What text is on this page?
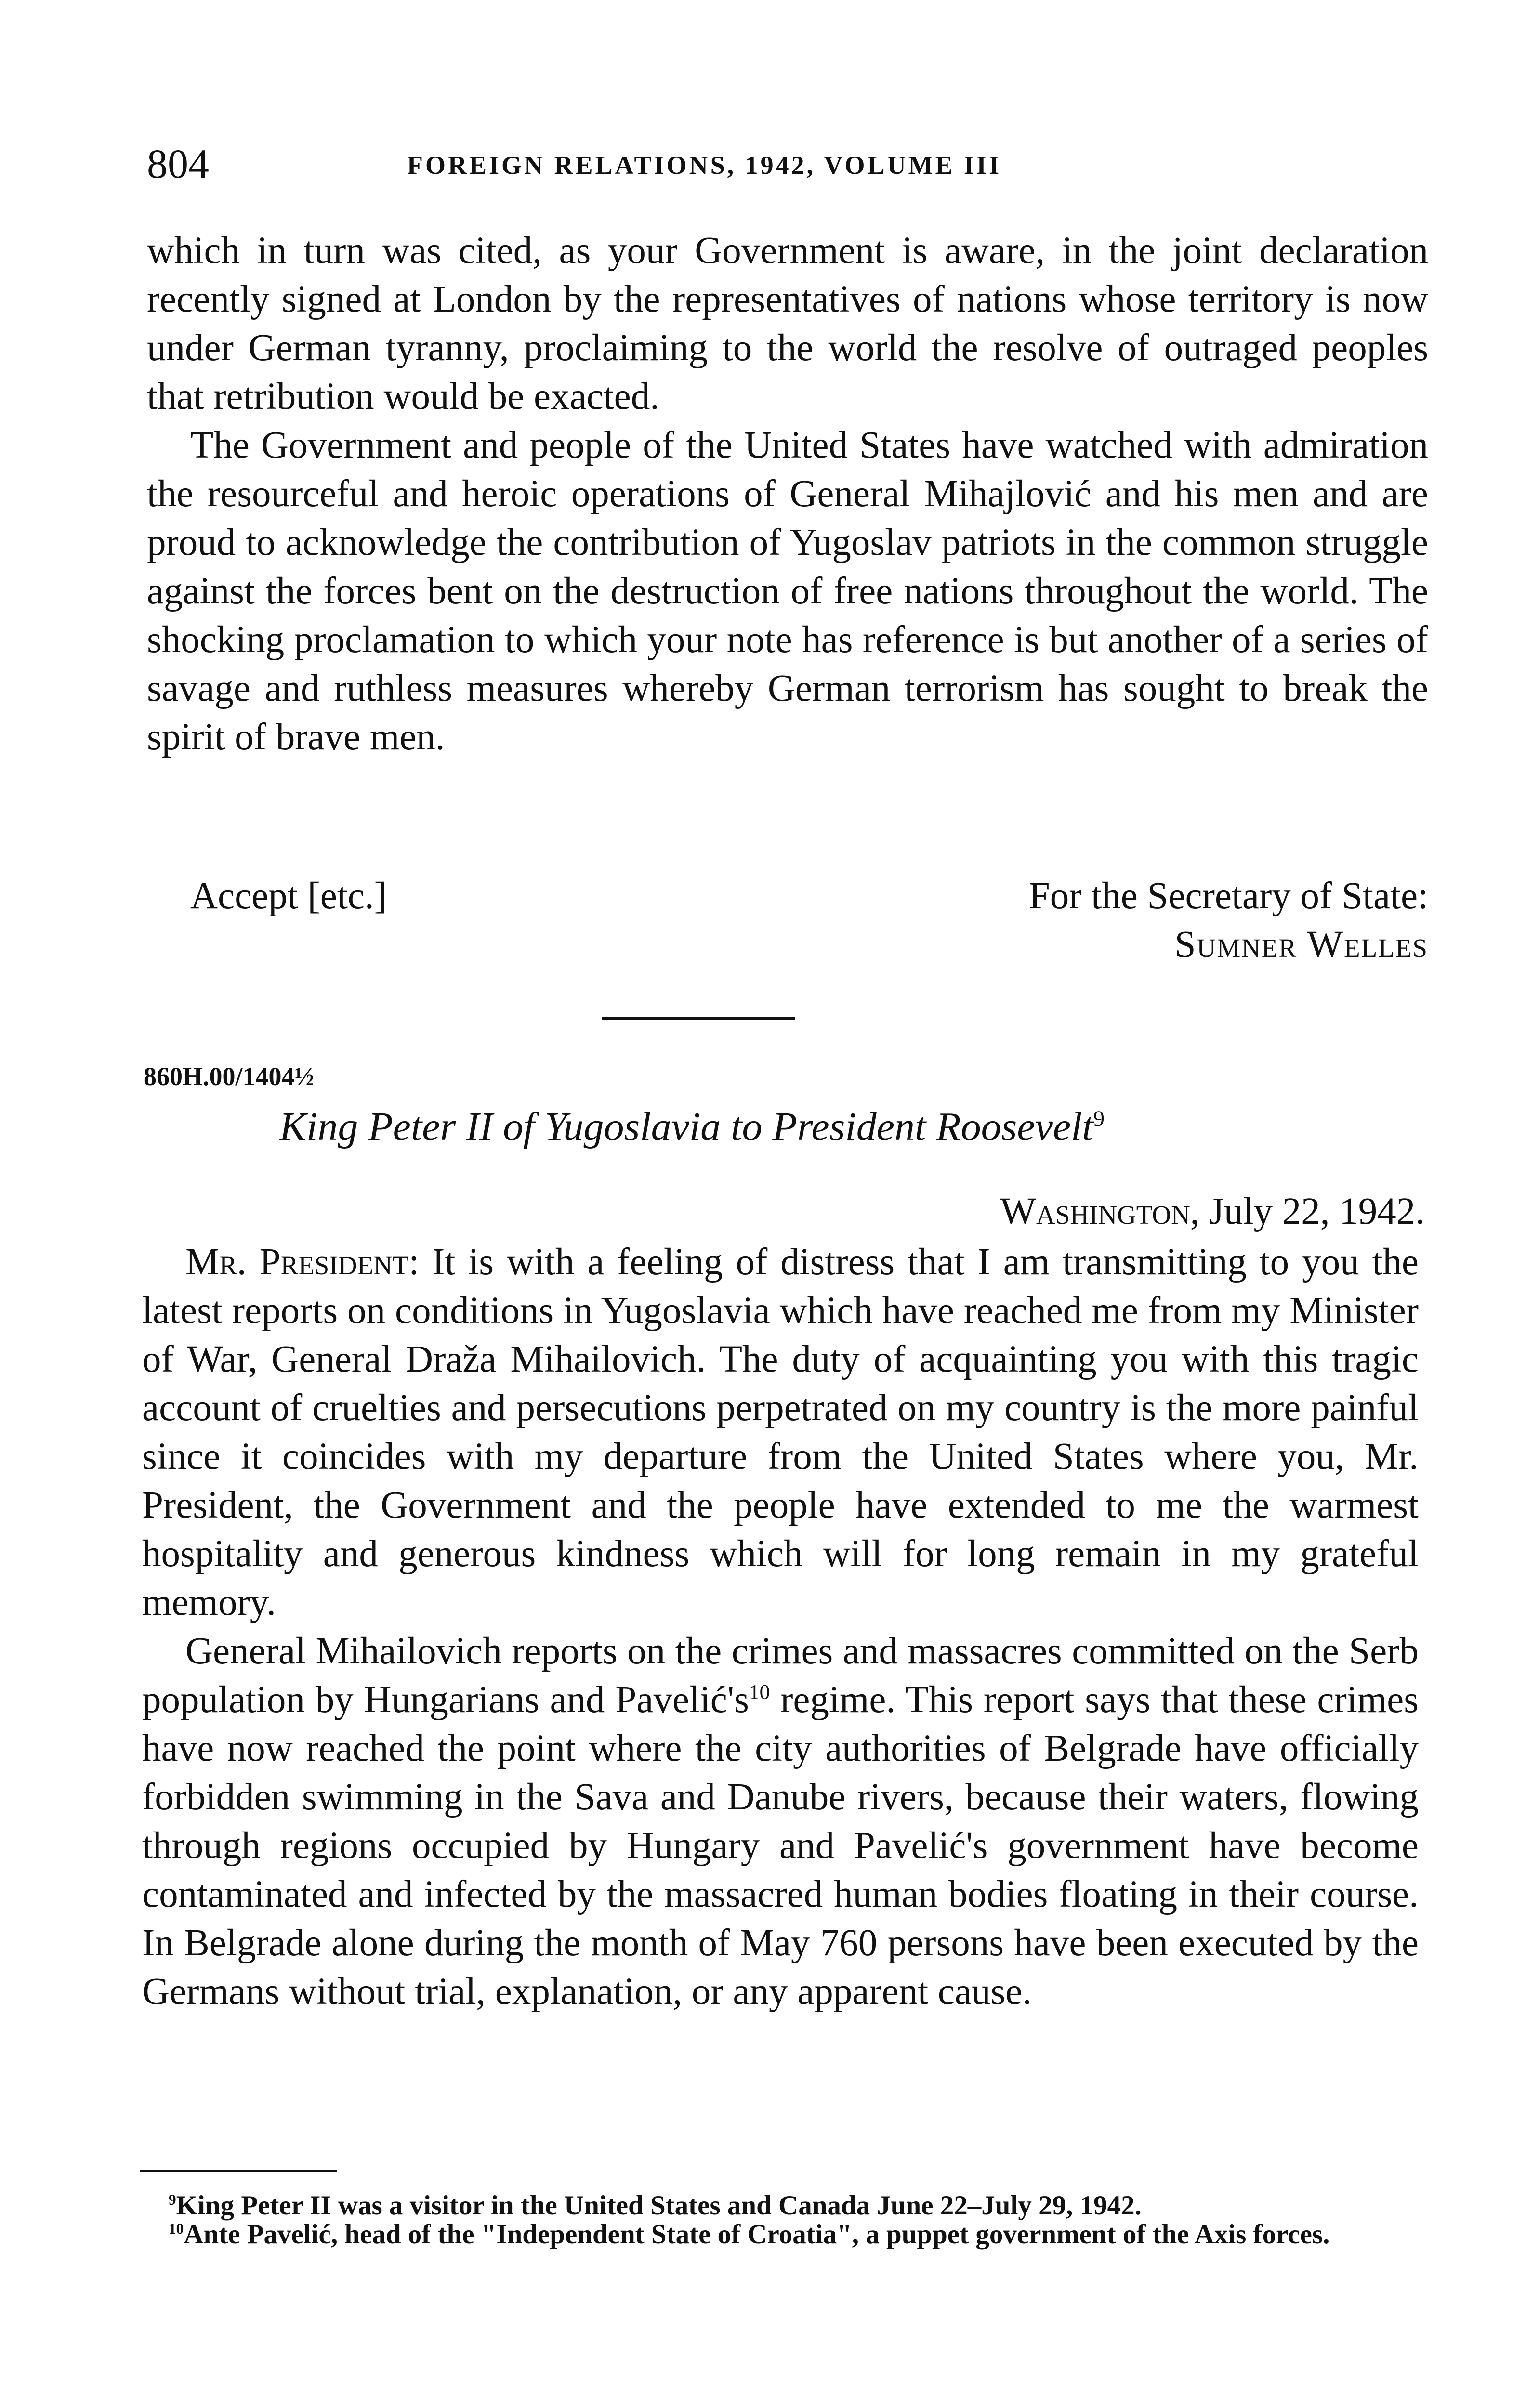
804	FOREIGN RELATIONS, 1942, VOLUME III

which in turn was cited, as your Government is aware, in the joint declaration recently signed at London by the representatives of nations whose territory is now under German tyranny, proclaiming to the world the resolve of outraged peoples that retribution would be exacted.

The Government and people of the United States have watched with admiration the resourceful and heroic operations of General Mihajlović and his men and are proud to acknowledge the contribution of Yugoslav patriots in the common struggle against the forces bent on the destruction of free nations throughout the world. The shocking proclamation to which your note has reference is but another of a series of savage and ruthless measures whereby German terrorism has sought to break the spirit of brave men.

Accept [etc.]	For the Secretary of State:
Sumner Welles
860H.00/1404½
King Peter II of Yugoslavia to President Roosevelt$^9$
Washington, July 22, 1942.

Mr. President: It is with a feeling of distress that I am transmitting to you the latest reports on conditions in Yugoslavia which have reached me from my Minister of War, General Draža Mihailovich. The duty of acquainting you with this tragic account of cruelties and persecutions perpetrated on my country is the more painful since it coincides with my departure from the United States where you, Mr. President, the Government and the people have extended to me the warmest hospitality and generous kindness which will for long remain in my grateful memory.

General Mihailovich reports on the crimes and massacres committed on the Serb population by Hungarians and $Pavelić's^{10}$ regime. This report says that these crimes have now reached the point where the city authorities of Belgrade have officially forbidden swimming in the Sava and Danube rivers, because their waters, flowing through regions occupied by Hungary and Pavelić's government have become contaminated and infected by the massacred human bodies floating in their course. In Belgrade alone during the month of May 760 persons have been executed by the Germans without trial, explanation, or any apparent cause.

$^9$King Peter II was a visitor in the United States and Canada June 22–July 29, 1942.

$^{10}$Ante Pavelić, head of the "Independent State of Croatia", a puppet government of the Axis forces.
